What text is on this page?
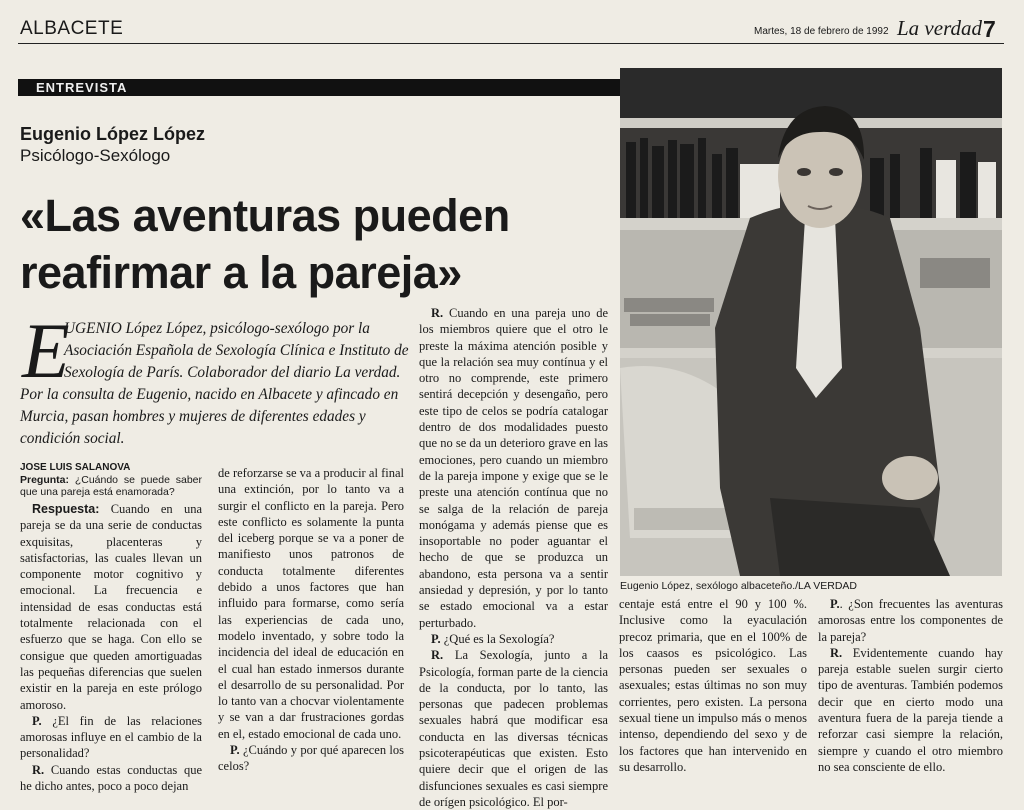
ALBACETE	Martes, 18 de febrero de 1992 La verdad 7
ENTREVISTA
Eugenio López López
Psicólogo-Sexólogo
«Las aventuras pueden
reafirmar a la pareja»
E
UGENIO López López, psicólogo-sexólogo por la Asociación Española de Sexología Clínica e Instituto de Sexología de París. Colaborador del diario La verdad. Por la consulta de Eugenio, nacido en Albacete y afincado en Murcia, pasan hombres y mujeres de diferentes edades y condición social.
JOSE LUIS SALANOVA
Pregunta: ¿Cuándo se puede saber que una pareja está enamorada?

Respuesta: Cuando en una pareja se da una serie de conductas exquisitas, placenteras y satisfactorias, las cuales llevan un componente motor cognitivo y emocional. La frecuencia e intensidad de esas conductas está totalmente relacionada con el esfuerzo que se haga. Con ello se consigue que queden amortiguadas las pequeñas diferencias que suelen existir en la pareja en este prólogo amoroso.

P. ¿El fin de las relaciones amorosas influye en el cambio de la personalidad?

R. Cuando estas conductas que he dicho antes, poco a poco dejan

de reforzarse se va a producir al final una extinción, por lo tanto va a surgir el conflicto en la pareja. Pero este conflicto es solamente la punta del iceberg porque se va a poner de manifiesto unos patronos de conducta totalmente diferentes debido a unos factores que han influido para formarse, como sería las experiencias de cada uno, modelo inventado, y sobre todo la incidencia del ideal de educación en el cual han estado inmersos durante el desarrollo de su personalidad. Por lo tanto van a chocvar violentamente y se van a dar frustraciones gordas en el, estado emocional de cada uno.

P. ¿Cuándo y por qué aparecen los celos?

R. Cuando en una pareja uno de los miembros quiere que el otro le preste la máxima atención posible y que la relación sea muy contínua y el otro no comprende, este primero sentirá decepción y desengaño, pero este tipo de celos se podría catalogar dentro de dos modalidades puesto que no se da un deterioro grave en las emociones, pero cuando un miembro de la pareja impone y exige que se le preste una atención contínua que no se salga de la relación de pareja monógama y además piense que es insoportable no poder aguantar el hecho de que se produzca un abandono, esta persona va a sentir ansiedad y depresión, y por lo tanto se estado emocional va a estar perturbado.

P. ¿Qué es la Sexología?

R. La Sexología, junto a la Psicología, forman parte de la ciencia de la conducta, por lo tanto, las personas que padecen problemas sexuales habrá que modificar esa conducta en las diversas técnicas psicoterapéuticas que existen. Esto quiere decir que el origen de las disfunciones sexuales es casi siempre de orígen psicológico. El por-

Eugenio López, sexólogo albaceteño./LA VERDAD

centaje está entre el 90 y 100 %. Inclusive como la eyaculación precoz primaria, que en el 100% de los caasos es psicológico. Las personas pueden ser sexuales o asexuales; estas últimas no son muy corrientes, pero existen. La persona sexual tiene un impulso más o menos intenso, dependiendo del sexo y de los factores que han intervenido en su desarrollo.

P.. ¿Son frecuentes las aventuras amorosas entre los componentes de la pareja?

R. Evidentemente cuando hay pareja estable suelen surgir cierto tipo de aventuras. También podemos decir que en cierto modo una aventura fuera de la pareja tiende a reforzar casi siempre la relación, siempre y cuando el otro miembro no sea consciente de ello.
